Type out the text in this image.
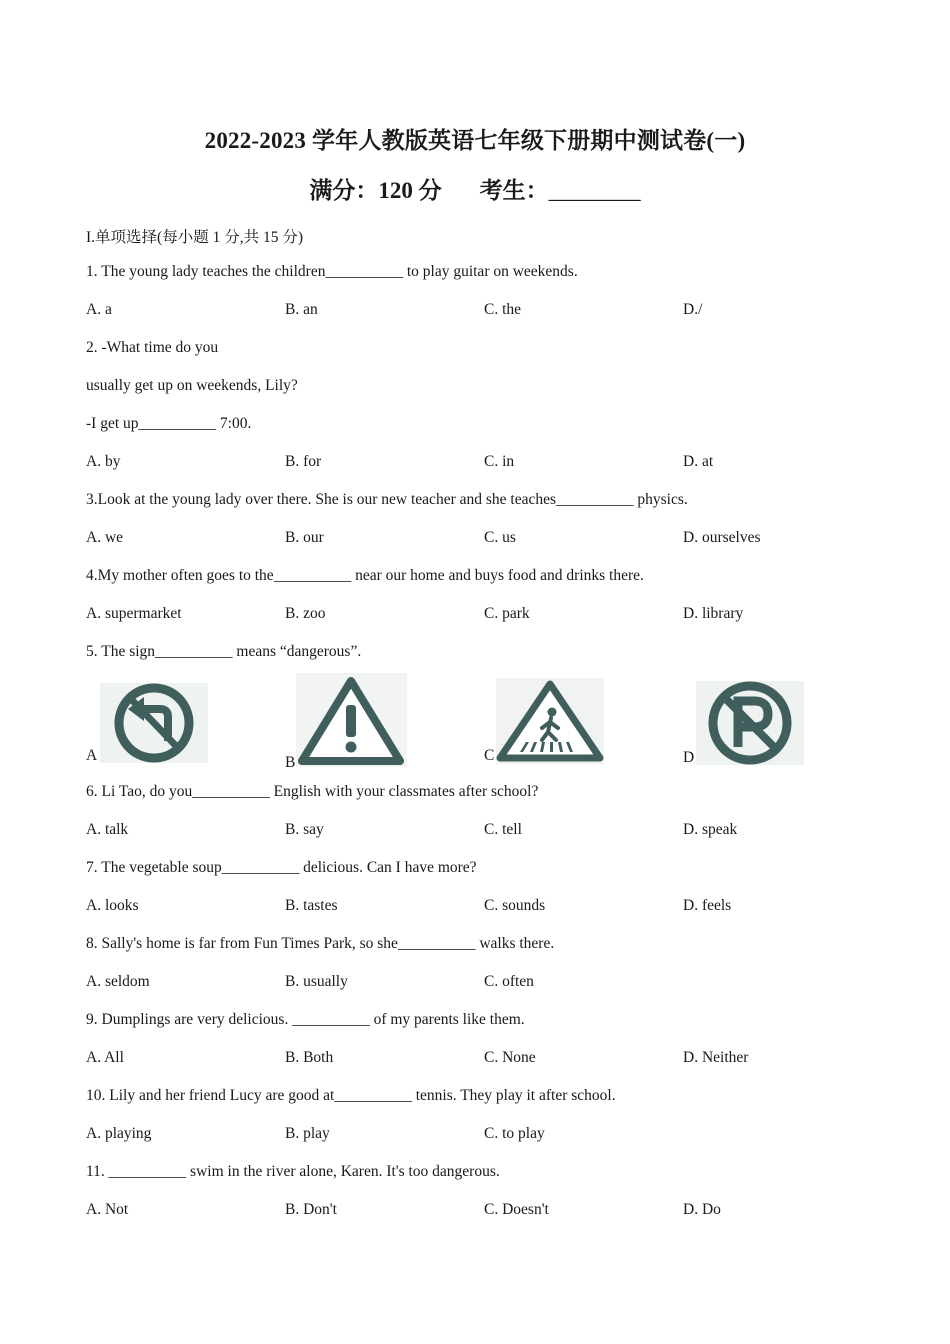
2022-2023 学年人教版英语七年级下册期中测试卷(一)
满分：120 分 考生：________
I.单项选择(每小题 1 分,共 15 分)
1. The young lady teaches the children__________ to play guitar on weekends.
A. a	B. an	C. the	D./
2. -What time do you
usually get up on weekends, Lily?
-I get up__________ 7:00.
A. by	B. for	C. in	D. at
3.Look at the young lady over there. She is our new teacher and she teaches__________ physics.
A. we	B. our	C. us	D. ourselves
4.My mother often goes to the__________ near our home and buys food and drinks there.
A. supermarket	B. zoo	C. park	D. library
5. The sign__________ means “dangerous”.
A	B	C	D
6. Li Tao, do you__________ English with your classmates after school?
A. talk	B. say	C. tell	D. speak
7. The vegetable soup__________ delicious. Can I have more?
A. looks	B. tastes	C. sounds	D. feels
8. Sally's home is far from Fun Times Park, so she__________ walks there.
A. seldom	B. usually	C. often
9. Dumplings are very delicious. __________ of my parents like them.
A. All	B. Both	C. None	D. Neither
10. Lily and her friend Lucy are good at__________ tennis. They play it after school.
A. playing	B. play	C. to play
11. __________ swim in the river alone, Karen. It's too dangerous.
A. Not	B. Don't	C. Doesn't	D. Do
